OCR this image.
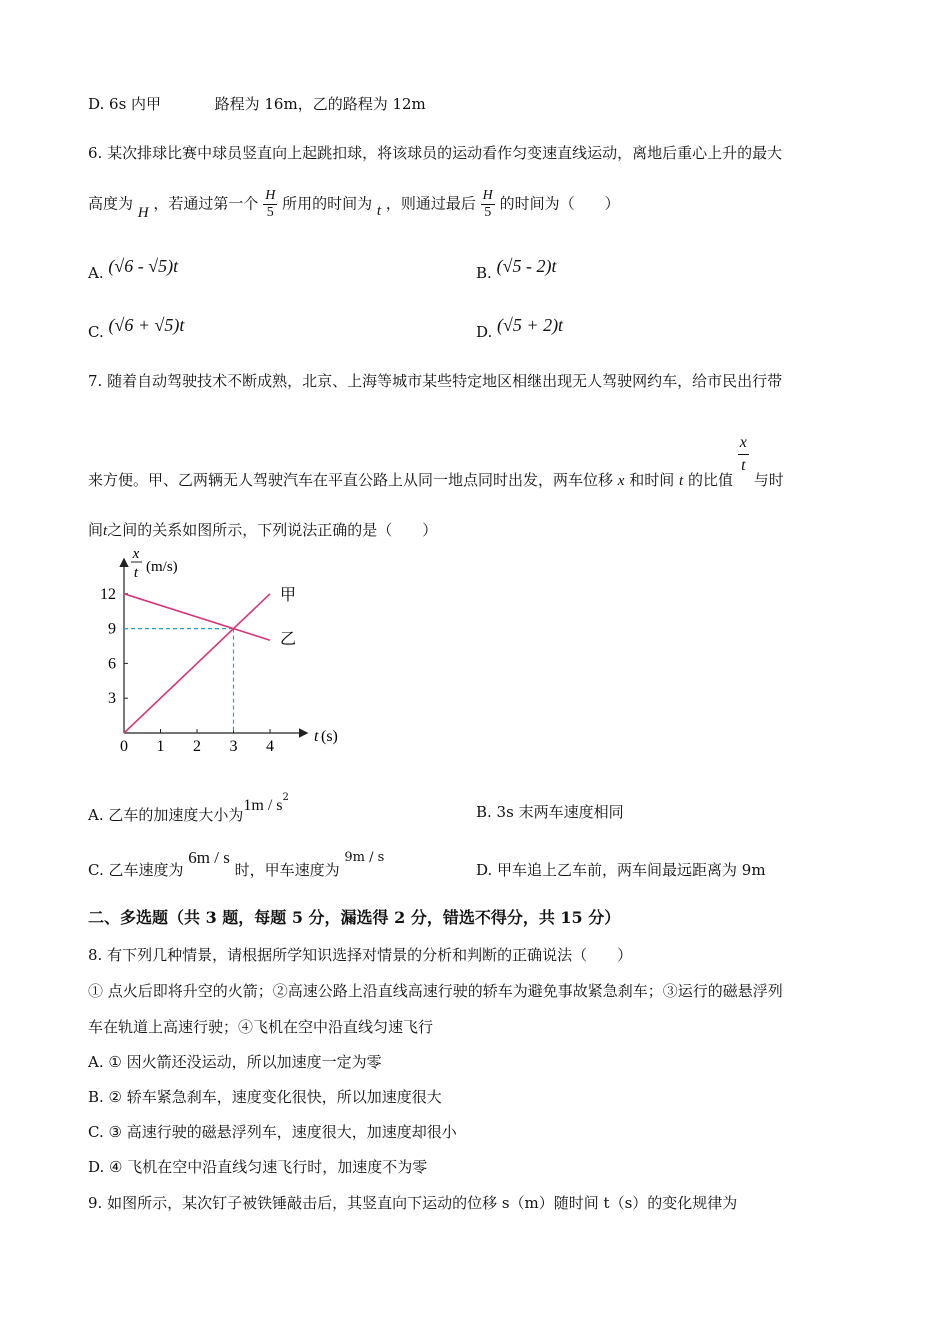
D. 6s 内甲	路程为 16m，乙的路程为 12m
6. 某次排球比赛中球员竖直向上起跳扣球，将该球员的运动看作匀变速直线运动，离地后重心上升的最大
高度为 H ，若通过第一个 $\frac{H}{5}$ 所用的时间为 t ，则通过最后 $\frac{H}{5}$ 的时间为（　　）
A. (√6 - √5)t	B. (√5 - 2)t
C. (√6 + √5)t	D. (√5 + 2)t
7. 随着自动驾驶技术不断成熟，北京、上海等城市某些特定地区相继出现无人驾驶网约车，给市民出行带
来方便。甲、乙两辆无人驾驶汽车在平直公路上从同一地点同时出发，两车位移 x 和时间 t 的比值
$\frac{x}{t}$
与时
间t之间的关系如图所示，下列说法正确的是（　　）
0 1 2 3 4
12
9
6
3
甲
乙
x
t (m/s)
t (s)
A. 乙车的加速度大小为$1m / s^2$
B. 3s 末两车速度相同
C. 乙车速度为 6m / s 时，甲车速度为 9m / s
D. 甲车追上乙车前，两车间最远距离为 9m
二、多选题（共 3 题，每题 5 分，漏选得 2 分，错选不得分，共 15 分）
8. 有下列几种情景，请根据所学知识选择对情景的分析和判断的正确说法（　　）
① 点火后即将升空的火箭；②高速公路上沿直线高速行驶的轿车为避免事故紧急刹车；③运行的磁悬浮列
车在轨道上高速行驶；④飞机在空中沿直线匀速飞行
A. ① 因火箭还没运动，所以加速度一定为零
B. ② 轿车紧急刹车，速度变化很快，所以加速度很大
C. ③ 高速行驶的磁悬浮列车，速度很大，加速度却很小
D. ④ 飞机在空中沿直线匀速飞行时，加速度不为零
9. 如图所示，某次钉子被铁锤敲击后，其竖直向下运动的位移 s（m）随时间 t（s）的变化规律为
